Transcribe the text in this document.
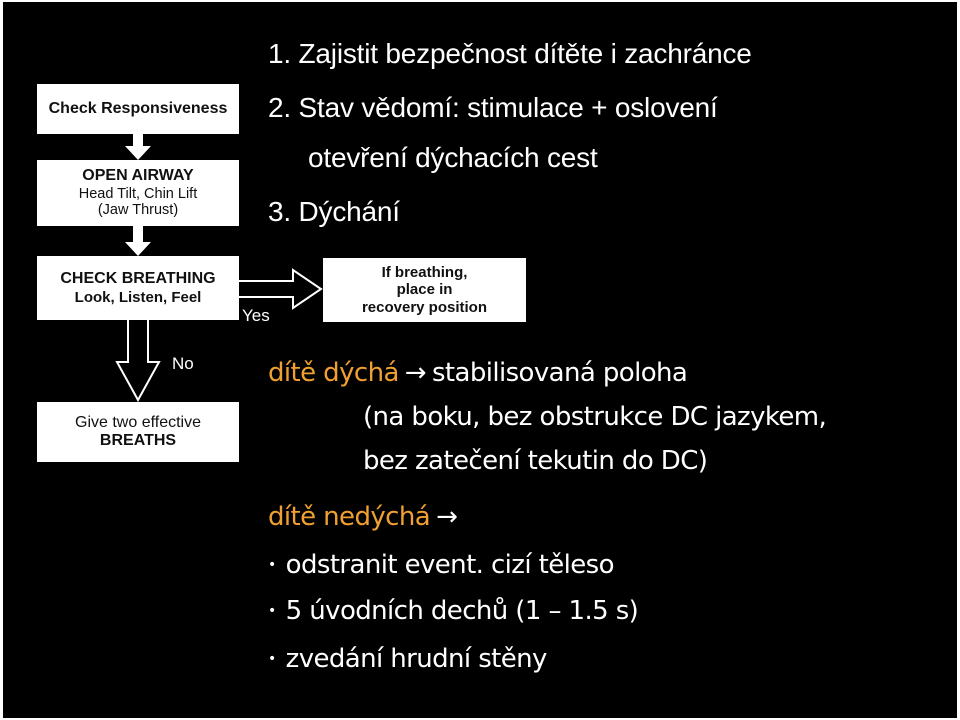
Check Responsiveness
OPEN AIRWAY
Head Tilt, Chin Lift
(Jaw Thrust)
CHECK BREATHING
Look, Listen, Feel
If breathing,
place in
recovery position
Give two effective
BREATHS
Yes
No
1. Zajistit bezpečnost dítěte i zachránce
2. Stav vědomí: stimulace + oslovení
otevření dýchacích cest
3. Dýchání
dítě dýchá → stabilisovaná poloha
(na boku, bez obstrukce DC jazykem,
bez zatečení tekutin do DC)
dítě nedýchá →
• odstranit event. cizí těleso
• 5 úvodních dechů (1 – 1.5 s)
• zvedání hrudní stěny
